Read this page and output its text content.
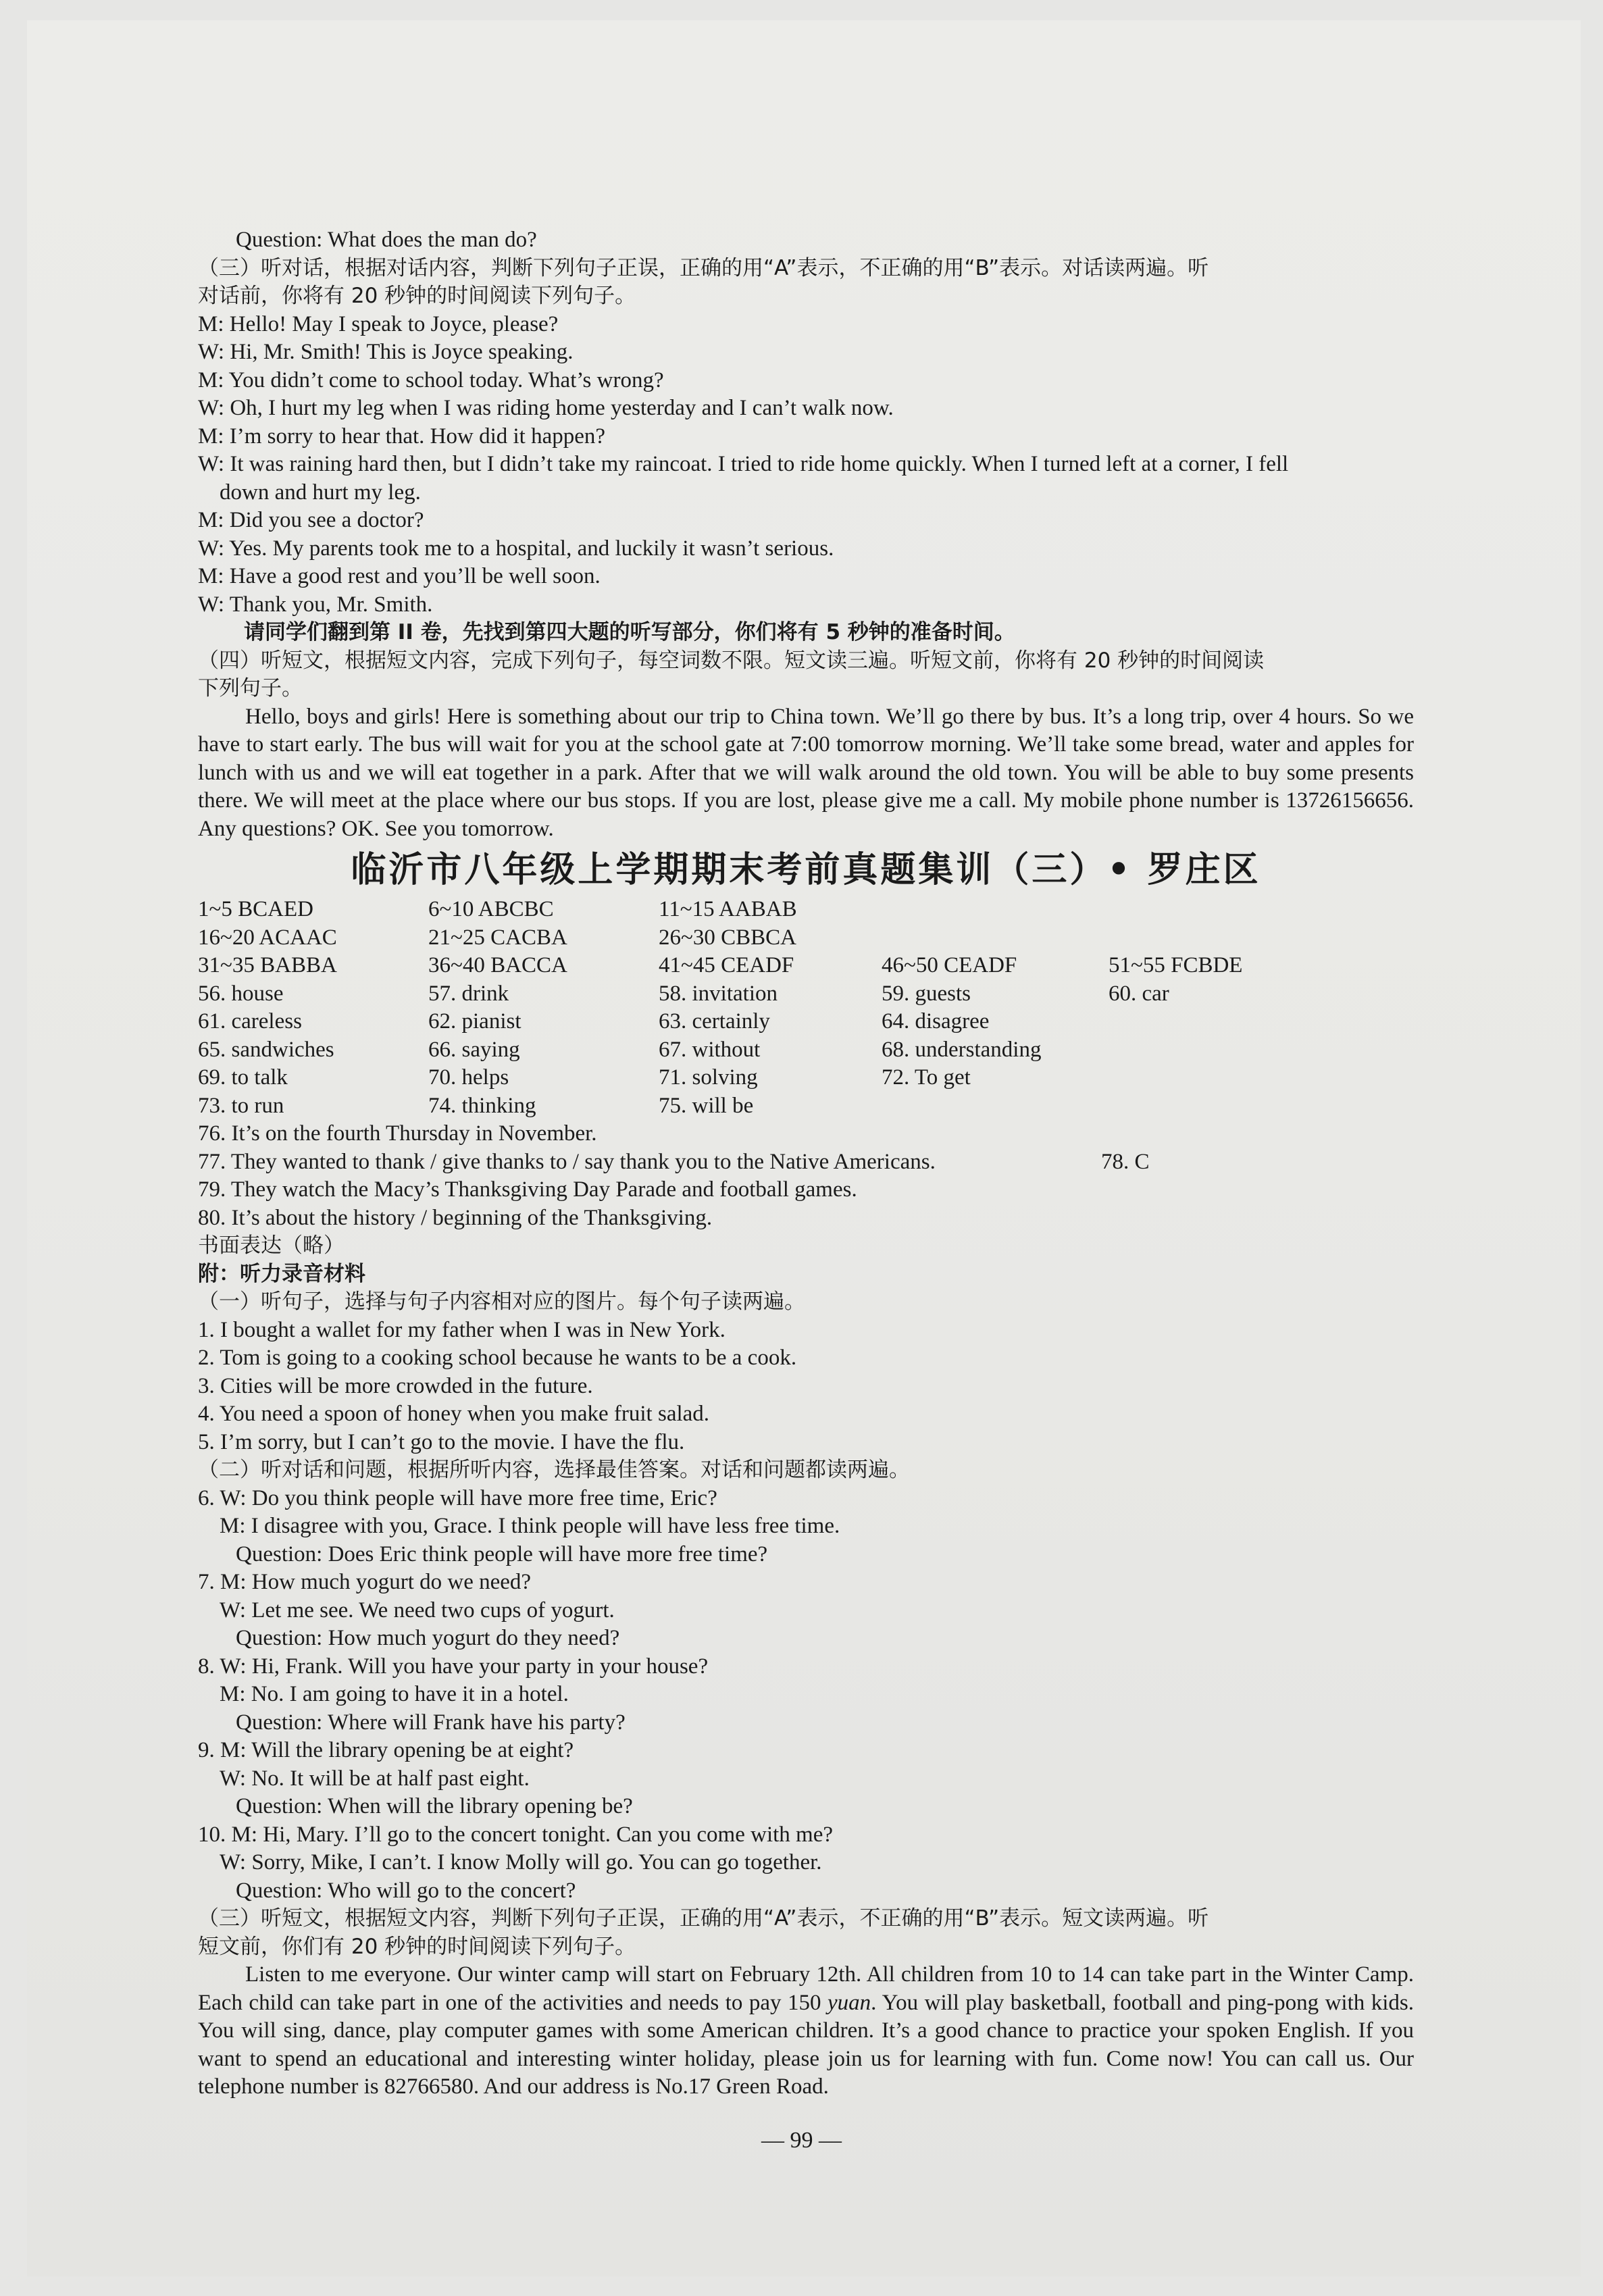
Question: What does the man do?
（三）听对话，根据对话内容，判断下列句子正误，正确的用“A”表示，不正确的用“B”表示。对话读两遍。听
对话前，你将有 20 秒钟的时间阅读下列句子。
M: Hello! May I speak to Joyce, please?
W: Hi, Mr. Smith! This is Joyce speaking.
M: You didn’t come to school today. What’s wrong?
W: Oh, I hurt my leg when I was riding home yesterday and I can’t walk now.
M: I’m sorry to hear that. How did it happen?
W: It was raining hard then, but I didn’t take my raincoat. I tried to ride home quickly. When I turned left at a corner, I fell
down and hurt my leg.
M: Did you see a doctor?
W: Yes. My parents took me to a hospital, and luckily it wasn’t serious.
M: Have a good rest and you’ll be well soon.
W: Thank you, Mr. Smith.
请同学们翻到第 II 卷，先找到第四大题的听写部分，你们将有 5 秒钟的准备时间。
（四）听短文，根据短文内容，完成下列句子，每空词数不限。短文读三遍。听短文前，你将有 20 秒钟的时间阅读
下列句子。
Hello, boys and girls! Here is something about our trip to China town. We’ll go there by bus. It’s a long trip, over 4 hours. So we have to start early. The bus will wait for you at the school gate at 7:00 tomorrow morning. We’ll take some bread, water and apples for lunch with us and we will eat together in a park. After that we will walk around the old town. You will be able to buy some presents there. We will meet at the place where our bus stops. If you are lost, please give me a call. My mobile phone number is 13726156656. Any questions? OK. See you tomorrow.
临沂市八年级上学期期末考前真题集训（三）• 罗庄区
1~5 BCAED	6~10 ABCBC	11~15 AABAB
16~20 ACAAC	21~25 CACBA	26~30 CBBCA
31~35 BABBA	36~40 BACCA	41~45 CEADF	46~50 CEADF	51~55 FCBDE
56. house	57. drink	58. invitation	59. guests	60. car
61. careless	62. pianist	63. certainly	64. disagree
65. sandwiches	66. saying	67. without	68. understanding
69. to talk	70. helps	71. solving	72. To get
73. to run	74. thinking	75. will be
76. It’s on the fourth Thursday in November.
77. They wanted to thank / give thanks to / say thank you to the Native Americans.	78. C
79. They watch the Macy’s Thanksgiving Day Parade and football games.
80. It’s about the history / beginning of the Thanksgiving.
书面表达（略）
附：听力录音材料
（一）听句子，选择与句子内容相对应的图片。每个句子读两遍。
1. I bought a wallet for my father when I was in New York.
2. Tom is going to a cooking school because he wants to be a cook.
3. Cities will be more crowded in the future.
4. You need a spoon of honey when you make fruit salad.
5. I’m sorry, but I can’t go to the movie. I have the flu.
（二）听对话和问题，根据所听内容，选择最佳答案。对话和问题都读两遍。
6. W: Do you think people will have more free time, Eric?
M: I disagree with you, Grace. I think people will have less free time.
Question: Does Eric think people will have more free time?
7. M: How much yogurt do we need?
W: Let me see. We need two cups of yogurt.
Question: How much yogurt do they need?
8. W: Hi, Frank. Will you have your party in your house?
M: No. I am going to have it in a hotel.
Question: Where will Frank have his party?
9. M: Will the library opening be at eight?
W: No. It will be at half past eight.
Question: When will the library opening be?
10. M: Hi, Mary. I’ll go to the concert tonight. Can you come with me?
W: Sorry, Mike, I can’t. I know Molly will go. You can go together.
Question: Who will go to the concert?
（三）听短文，根据短文内容，判断下列句子正误，正确的用“A”表示，不正确的用“B”表示。短文读两遍。听
短文前，你们有 20 秒钟的时间阅读下列句子。
Listen to me everyone. Our winter camp will start on February 12th. All children from 10 to 14 can take part in the Winter Camp. Each child can take part in one of the activities and needs to pay 150 yuan. You will play basketball, football and ping-pong with kids. You will sing, dance, play computer games with some American children. It’s a good chance to practice your spoken English. If you want to spend an educational and interesting winter holiday, please join us for learning with fun. Come now! You can call us. Our telephone number is 82766580. And our address is No.17 Green Road.
— 99 —
